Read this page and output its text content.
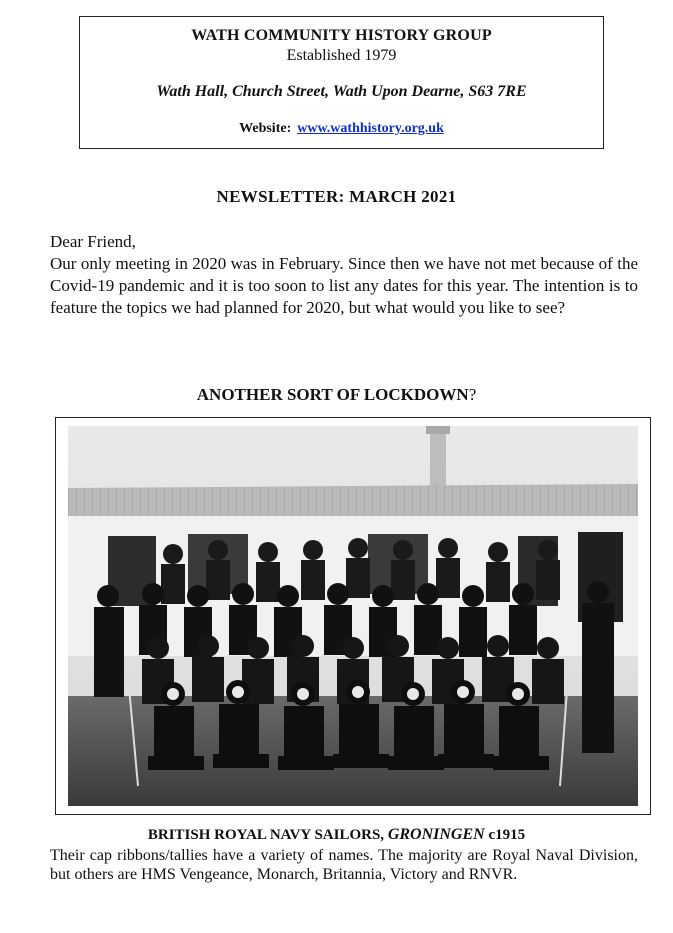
WATH COMMUNITY HISTORY GROUP
Established 1979
Wath Hall, Church Street, Wath Upon Dearne, S63 7RE
Website: www.wathhistory.org.uk
NEWSLETTER: MARCH 2021

Dear Friend,

Our only meeting in 2020 was in February. Since then we have not met because of the Covid-19 pandemic and it is too soon to list any dates for this year. The intention is to feature the topics we had planned for 2020, but what would you like to see?

ANOTHER SORT OF LOCKDOWN?
BRITISH ROYAL NAVY SAILORS, GRONINGEN c1915
Their cap ribbons/tallies have a variety of names. The majority are Royal Naval Division, but others are HMS Vengeance, Monarch, Britannia, Victory and RNVR.
